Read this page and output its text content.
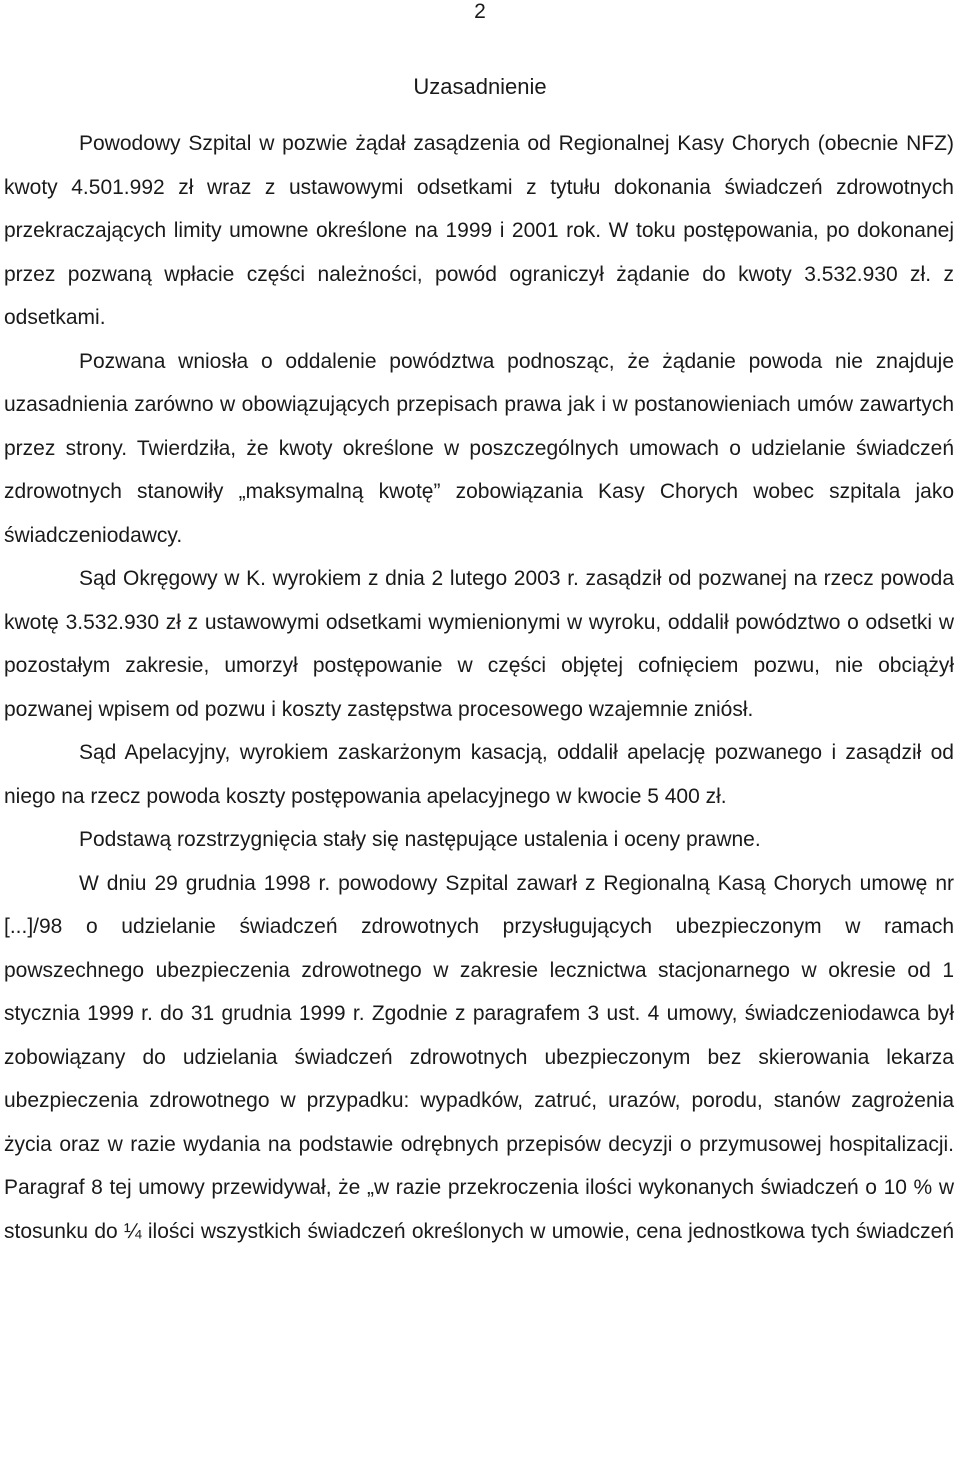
2
Uzasadnienie

Powodowy Szpital w pozwie żądał zasądzenia od Regionalnej Kasy Chorych (obecnie NFZ) kwoty 4.501.992 zł wraz z ustawowymi odsetkami z tytułu dokonania świadczeń zdrowotnych przekraczających limity umowne określone na 1999 i 2001 rok. W toku postępowania, po dokonanej przez pozwaną wpłacie części należności, powód ograniczył żądanie do kwoty 3.532.930 zł. z odsetkami.

Pozwana wniosła o oddalenie powództwa podnosząc, że żądanie powoda nie znajduje uzasadnienia zarówno w obowiązujących przepisach prawa jak i w postanowieniach umów zawartych przez strony. Twierdziła, że kwoty określone w poszczególnych umowach o udzielanie świadczeń zdrowotnych stanowiły „maksymalną kwotę” zobowiązania Kasy Chorych wobec szpitala jako świadczeniodawcy.

Sąd Okręgowy w K. wyrokiem z dnia 2 lutego 2003 r. zasądził od pozwanej na rzecz powoda kwotę 3.532.930 zł z ustawowymi odsetkami wymienionymi w wyroku, oddalił powództwo o odsetki w pozostałym zakresie, umorzył postępowanie w części objętej cofnięciem pozwu, nie obciążył pozwanej wpisem od pozwu i koszty zastępstwa procesowego wzajemnie zniósł.

Sąd Apelacyjny, wyrokiem zaskarżonym kasacją, oddalił apelację pozwanego i zasądził od niego na rzecz powoda koszty postępowania apelacyjnego w kwocie 5 400 zł.

Podstawą rozstrzygnięcia stały się następujące ustalenia i oceny prawne.

W dniu 29 grudnia 1998 r. powodowy Szpital zawarł z Regionalną Kasą Chorych umowę nr [...]/98 o udzielanie świadczeń zdrowotnych przysługujących ubezpieczonym w ramach powszechnego ubezpieczenia zdrowotnego w zakresie lecznictwa stacjonarnego w okresie od 1 stycznia 1999 r. do 31 grudnia 1999 r. Zgodnie z paragrafem 3 ust. 4 umowy, świadczeniodawca był zobowiązany do udzielania świadczeń zdrowotnych ubezpieczonym bez skierowania lekarza ubezpieczenia zdrowotnego w przypadku: wypadków, zatruć, urazów, porodu, stanów zagrożenia życia oraz w razie wydania na podstawie odrębnych przepisów decyzji o przymusowej hospitalizacji. Paragraf 8 tej umowy przewidywał, że „w razie przekroczenia ilości wykonanych świadczeń o 10 % w stosunku do ¼ ilości wszystkich świadczeń określonych w umowie, cena jednostkowa tych świadczeń
